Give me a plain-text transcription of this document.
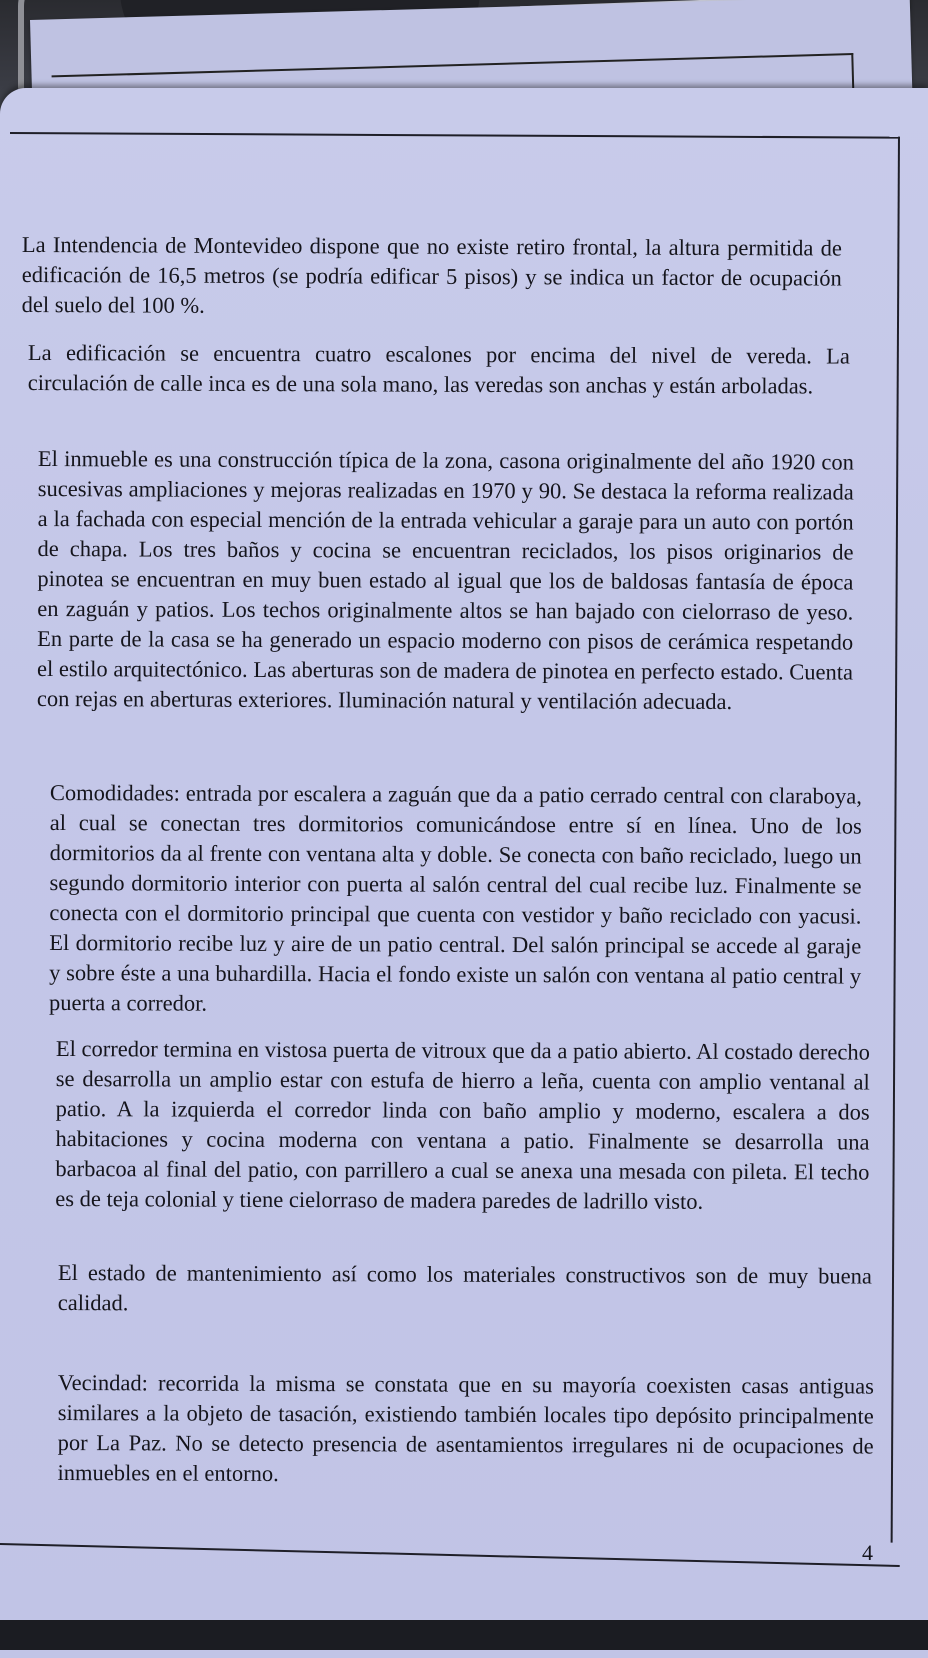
La Intendencia de Montevideo dispone que no existe retiro frontal, la altura permitida de edificación de 16,5 metros (se podría edificar 5 pisos) y se indica un factor de ocupación del suelo del 100 %.

La edificación se encuentra cuatro escalones por encima del nivel de vereda. La circulación de calle inca es de una sola mano, las veredas son anchas y están arboladas.

El inmueble es una construcción típica de la zona, casona originalmente del año 1920 con sucesivas ampliaciones y mejoras realizadas en 1970 y 90. Se destaca la reforma realizada a la fachada con especial mención de la entrada vehicular a garaje para un auto con portón de chapa. Los tres baños y cocina se encuentran reciclados, los pisos originarios de pinotea se encuentran en muy buen estado al igual que los de baldosas fantasía de época en zaguán y patios. Los techos originalmente altos se han bajado con cielorraso de yeso. En parte de la casa se ha generado un espacio moderno con pisos de cerámica respetando el estilo arquitectónico. Las aberturas son de madera de pinotea en perfecto estado. Cuenta con rejas en aberturas exteriores. Iluminación natural y ventilación adecuada.

Comodidades: entrada por escalera a zaguán que da a patio cerrado central con claraboya, al cual se conectan tres dormitorios comunicándose entre sí en línea. Uno de los dormitorios da al frente con ventana alta y doble. Se conecta con baño reciclado, luego un segundo dormitorio interior con puerta al salón central del cual recibe luz. Finalmente se conecta con el dormitorio principal que cuenta con vestidor y baño reciclado con yacusi. El dormitorio recibe luz y aire de un patio central. Del salón principal se accede al garaje y sobre éste a una buhardilla. Hacia el fondo existe un salón con ventana al patio central y puerta a corredor.

El corredor termina en vistosa puerta de vitroux que da a patio abierto. Al costado derecho se desarrolla un amplio estar con estufa de hierro a leña, cuenta con amplio ventanal al patio. A la izquierda el corredor linda con baño amplio y moderno, escalera a dos habitaciones y cocina moderna con ventana a patio. Finalmente se desarrolla una barbacoa al final del patio, con parrillero a cual se anexa una mesada con pileta. El techo es de teja colonial y tiene cielorraso de madera paredes de ladrillo visto.

El estado de mantenimiento así como los materiales constructivos son de muy buena calidad.

Vecindad: recorrida la misma se constata que en su mayoría coexisten casas antiguas similares a la objeto de tasación, existiendo también locales tipo depósito principalmente por La Paz. No se detecto presencia de asentamientos irregulares ni de ocupaciones de inmuebles en el entorno.

4
